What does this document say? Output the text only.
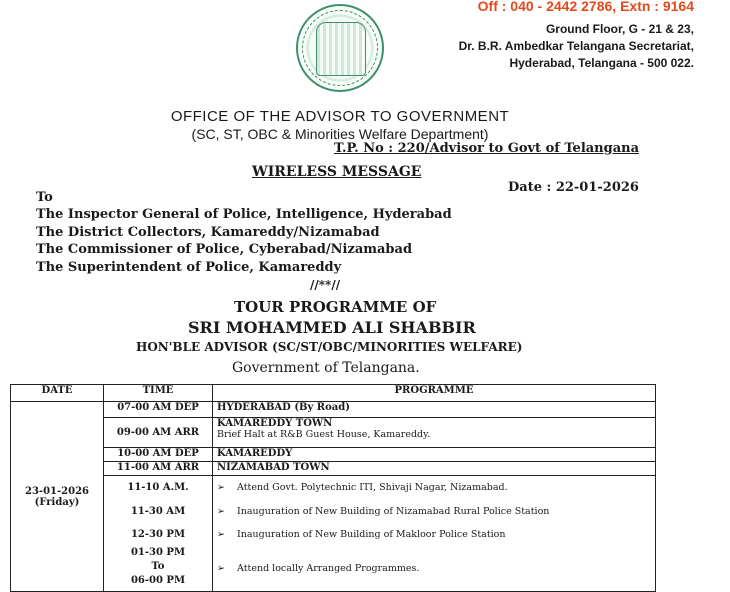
Off : 040 - 2442 2786, Extn : 9164
Ground Floor, G - 21 & 23,
Dr. B.R. Ambedkar Telangana Secretariat,
Hyderabad, Telangana - 500 022.
OFFICE OF THE ADVISOR TO GOVERNMENT
(SC, ST, OBC & Minorities Welfare Department)
T.P. No : 220/Advisor to Govt of Telangana
WIRELESS MESSAGE
Date : 22-01-2026
To
The Inspector General of Police, Intelligence, Hyderabad
The District Collectors, Kamareddy/Nizamabad
The Commissioner of Police, Cyberabad/Nizamabad
The Superintendent of Police, Kamareddy
//**//
TOUR PROGRAMME OF
SRI MOHAMMED ALI SHABBIR
HON'BLE ADVISOR (SC/ST/OBC/MINORITIES WELFARE)
Government of Telangana.
DATE	TIME	PROGRAMME

23-01-2026
(Friday)	07-00 AM DEP	HYDERABAD (By Road)
	09-00 AM ARR	KAMAREDDY TOWN
Brief Halt at R&B Guest House, Kamareddy.

	10-00 AM DEP	KAMAREDDY
	11-00 AM ARR	NIZAMABAD TOWN
	11-10 A.M.	➢ Attend Govt. Polytechnic ITI, Shivaji Nagar, Nizamabad.
	11-30 AM	➢ Inauguration of New Building of Nizamabad Rural Police Station
	12-30 PM	➢ Inauguration of New Building of Makloor Police Station

	01-30 PM
To
06-00 PM	➢ Attend locally Arranged Programmes.
